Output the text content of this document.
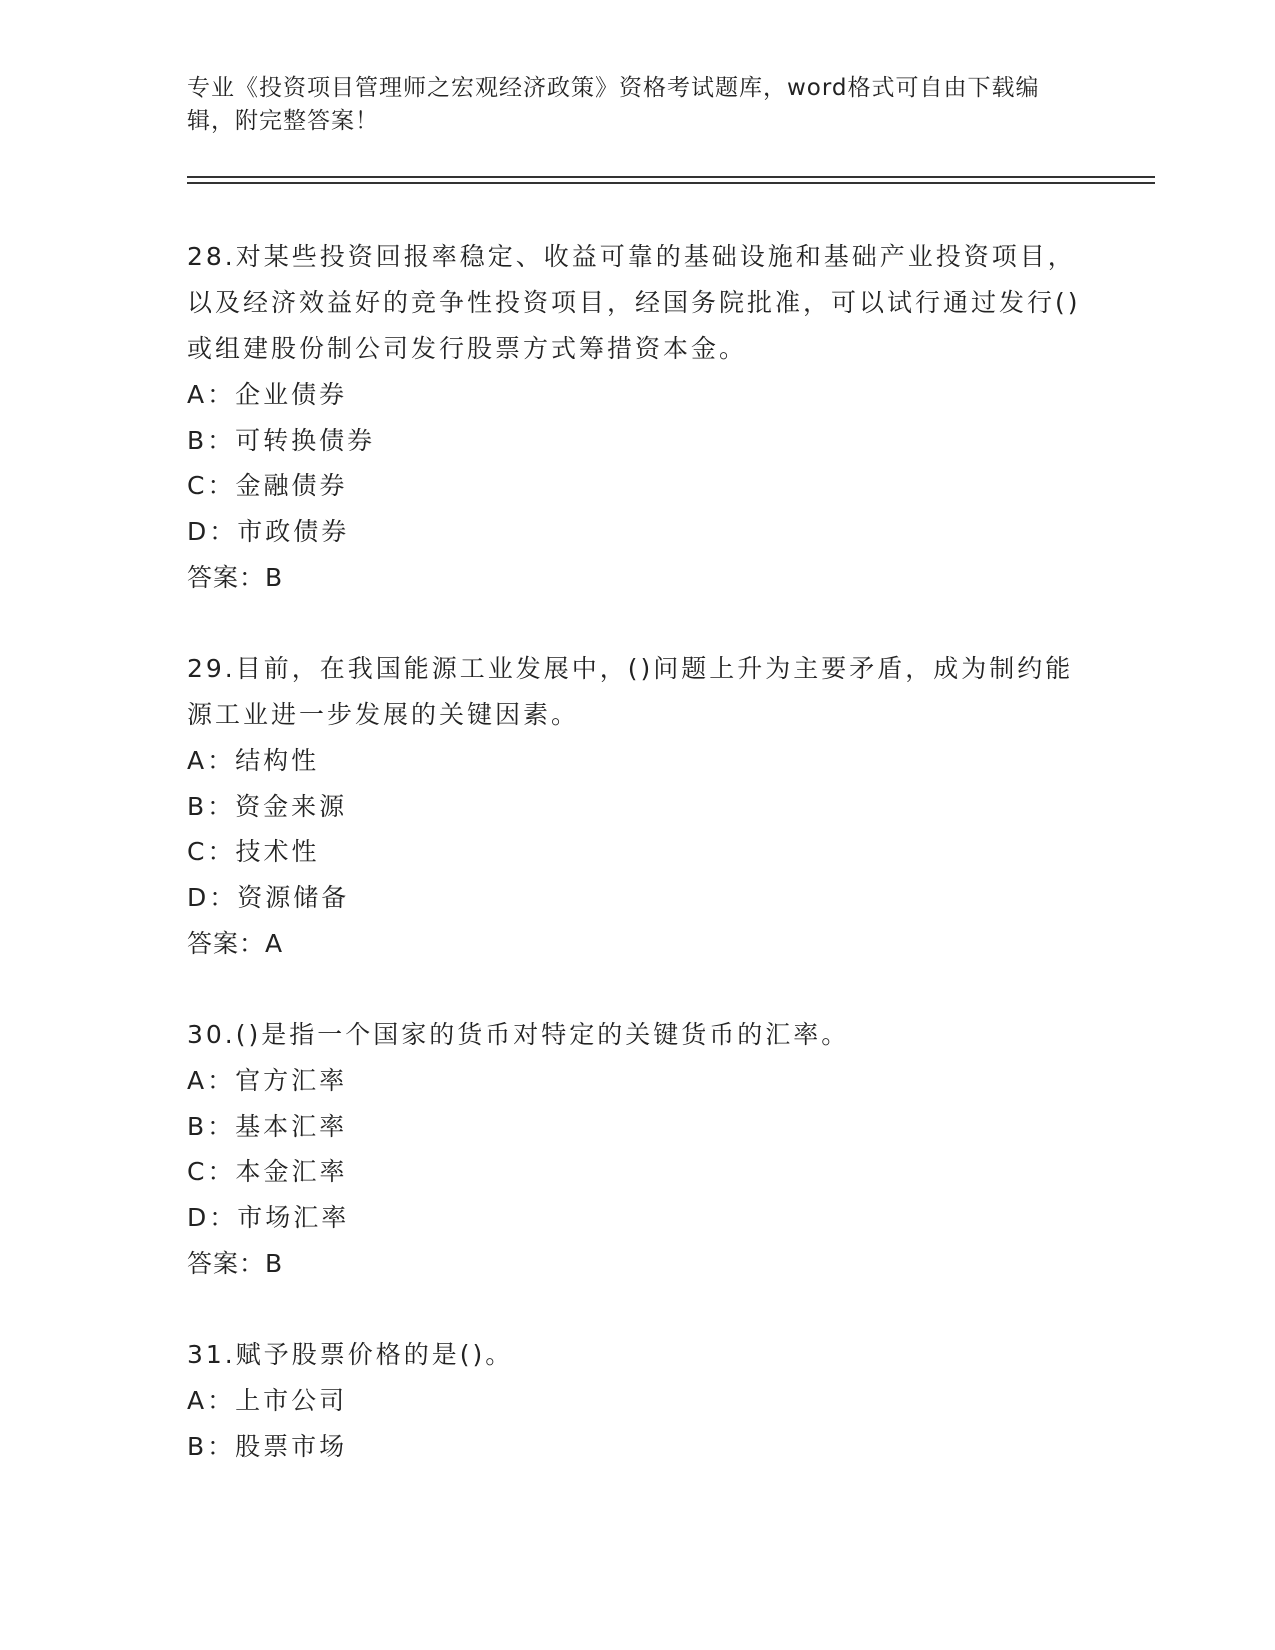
专业《投资项目管理师之宏观经济政策》资格考试题库，word格式可自由下载编辑，附完整答案！
28.对某些投资回报率稳定、收益可靠的基础设施和基础产业投资项目，以及经济效益好的竞争性投资项目，经国务院批准，可以试行通过发行()或组建股份制公司发行股票方式筹措资本金。
A：企业债券
B：可转换债券
C：金融债券
D：市政债券
答案：B
29.目前，在我国能源工业发展中，()问题上升为主要矛盾，成为制约能源工业进一步发展的关键因素。
A：结构性
B：资金来源
C：技术性
D：资源储备
答案：A
30.()是指一个国家的货币对特定的关键货币的汇率。
A：官方汇率
B：基本汇率
C：本金汇率
D：市场汇率
答案：B
31.赋予股票价格的是()。
A：上市公司
B：股票市场
